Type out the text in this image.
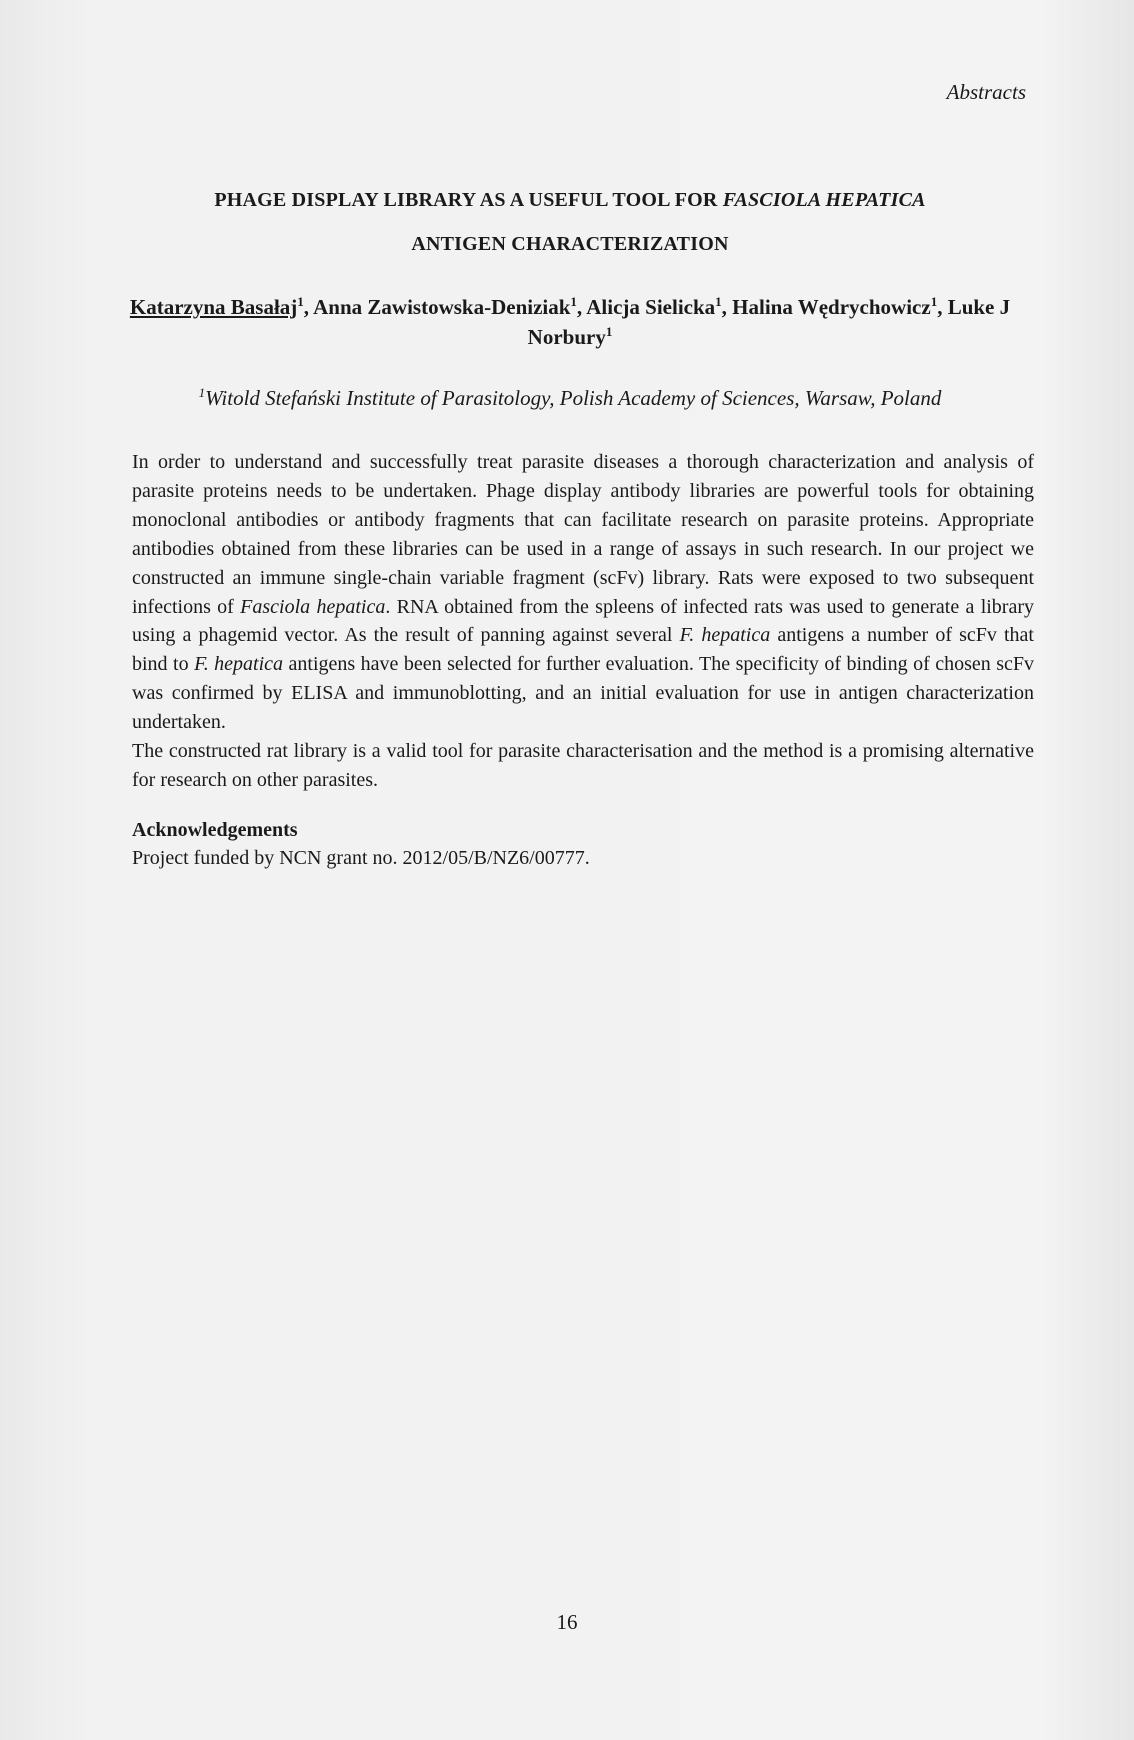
Abstracts
PHAGE DISPLAY LIBRARY AS A USEFUL TOOL FOR FASCIOLA HEPATICA
ANTIGEN CHARACTERIZATION
Katarzyna Basałaj$^1$, Anna Zawistowska-Deniziak$^1$, Alicja Sielicka$^1$, Halina Wędrychowicz$^1$, Luke J Norbury$^1$
$^1$Witold Stefański Institute of Parasitology, Polish Academy of Sciences, Warsaw, Poland

In order to understand and successfully treat parasite diseases a thorough characterization and analysis of parasite proteins needs to be undertaken. Phage display antibody libraries are powerful tools for obtaining monoclonal antibodies or antibody fragments that can facilitate research on parasite proteins. Appropriate antibodies obtained from these libraries can be used in a range of assays in such research. In our project we constructed an immune single-chain variable fragment (scFv) library. Rats were exposed to two subsequent infections of Fasciola hepatica. RNA obtained from the spleens of infected rats was used to generate a library using a phagemid vector. As the result of panning against several F. hepatica antigens a number of scFv that bind to F. hepatica antigens have been selected for further evaluation. The specificity of binding of chosen scFv was confirmed by ELISA and immunoblotting, and an initial evaluation for use in antigen characterization undertaken.

The constructed rat library is a valid tool for parasite characterisation and the method is a promising alternative for research on other parasites.

Acknowledgements
Project funded by NCN grant no. 2012/05/B/NZ6/00777.
16
